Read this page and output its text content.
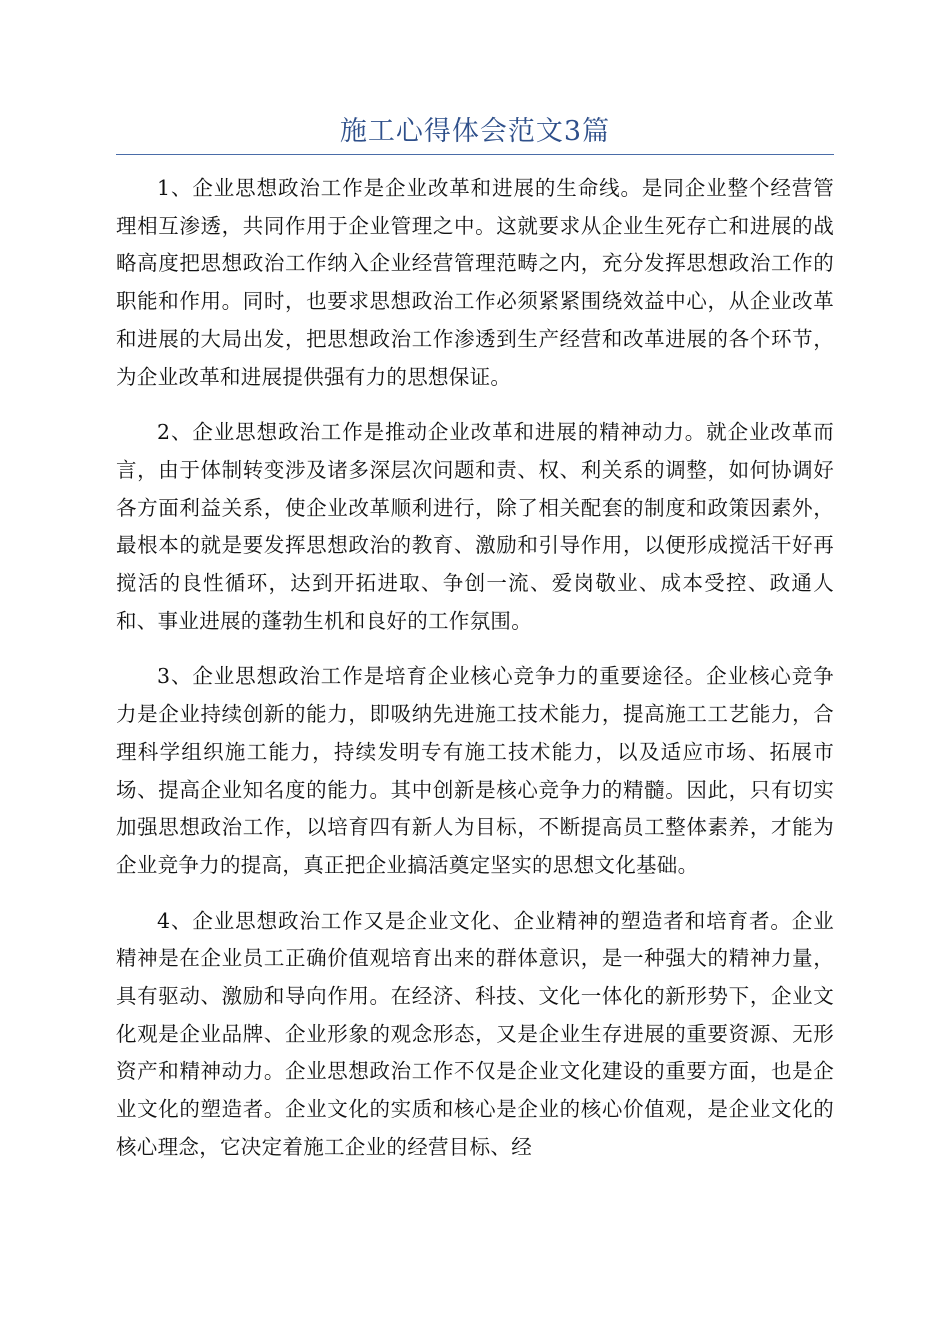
施工心得体会范文3篇

1、企业思想政治工作是企业改革和进展的生命线。是同企业整个经营管理相互渗透，共同作用于企业管理之中。这就要求从企业生死存亡和进展的战略高度把思想政治工作纳入企业经营管理范畴之内，充分发挥思想政治工作的职能和作用。同时，也要求思想政治工作必须紧紧围绕效益中心，从企业改革和进展的大局出发，把思想政治工作渗透到生产经营和改革进展的各个环节，为企业改革和进展提供强有力的思想保证。

2、企业思想政治工作是推动企业改革和进展的精神动力。就企业改革而言，由于体制转变涉及诸多深层次问题和责、权、利关系的调整，如何协调好各方面利益关系，使企业改革顺利进行，除了相关配套的制度和政策因素外，最根本的就是要发挥思想政治的教育、激励和引导作用，以便形成搅活干好再搅活的良性循环，达到开拓进取、争创一流、爱岗敬业、成本受控、政通人和、事业进展的蓬勃生机和良好的工作氛围。

3、企业思想政治工作是培育企业核心竞争力的重要途径。企业核心竞争力是企业持续创新的能力，即吸纳先进施工技术能力，提高施工工艺能力，合理科学组织施工能力，持续发明专有施工技术能力，以及适应市场、拓展市场、提高企业知名度的能力。其中创新是核心竞争力的精髓。因此，只有切实加强思想政治工作，以培育四有新人为目标，不断提高员工整体素养，才能为企业竞争力的提高，真正把企业搞活奠定坚实的思想文化基础。

4、企业思想政治工作又是企业文化、企业精神的塑造者和培育者。企业精神是在企业员工正确价值观培育出来的群体意识，是一种强大的精神力量，具有驱动、激励和导向作用。在经济、科技、文化一体化的新形势下，企业文化观是企业品牌、企业形象的观念形态，又是企业生存进展的重要资源、无形资产和精神动力。企业思想政治工作不仅是企业文化建设的重要方面，也是企业文化的塑造者。企业文化的实质和核心是企业的核心价值观，是企业文化的核心理念，它决定着施工企业的经营目标、经
